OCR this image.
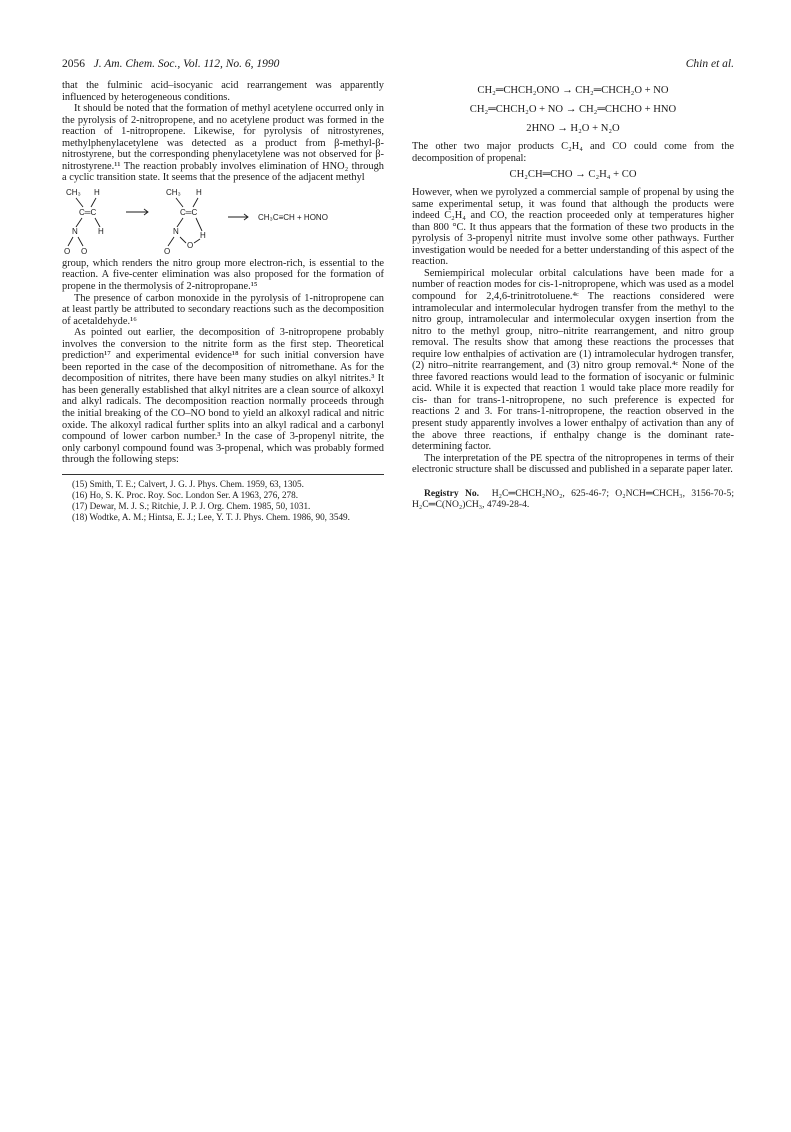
2056 J. Am. Chem. Soc., Vol. 112, No. 6, 1990	Chin et al.

that the fulminic acid–isocyanic acid rearrangement was apparently influenced by heterogeneous conditions.

It should be noted that the formation of methyl acetylene occurred only in the pyrolysis of 2-nitropropene, and no acetylene product was formed in the reaction of 1-nitropropene. Likewise, for pyrolysis of nitrostyrenes, methylphenylacetylene was detected as a product from β-methyl-β-nitrostyrene, but the corresponding phenylacetylene was not observed for β-nitrostyrene.¹¹ The reaction probably involves elimination of HNO₂ through a cyclic transition state. It seems that the presence of the adjacent methyl

CH₃ H
C═C
N	H
O O
CH₃ H
C═C
N	H
O
O
CH₃C≡CH + HONO

group, which renders the nitro group more electron-rich, is essential to the reaction. A five-center elimination was also proposed for the formation of propene in the thermolysis of 2-nitropropane.¹⁵

The presence of carbon monoxide in the pyrolysis of 1-nitropropene can at least partly be attributed to secondary reactions such as the decomposition of acetaldehyde.¹⁶

As pointed out earlier, the decomposition of 3-nitropropene probably involves the conversion to the nitrite form as the first step. Theoretical prediction¹⁷ and experimental evidence¹⁸ for such initial conversion have been reported in the case of the decomposition of nitromethane. As for the decomposition of nitrites, there have been many studies on alkyl nitrites.³ It has been generally established that alkyl nitrites are a clean source of alkoxyl and alkyl radicals. The decomposition reaction normally proceeds through the initial breaking of the CO–NO bond to yield an alkoxyl radical and nitric oxide. The alkoxyl radical further splits into an alkyl radical and a carbonyl compound of lower carbon number.³ In the case of 3-propenyl nitrite, the only carbonyl compound found was 3-propenal, which was probably formed through the following steps:

(15) Smith, T. E.; Calvert, J. G. J. Phys. Chem. 1959, 63, 1305.

(16) Ho, S. K. Proc. Roy. Soc. London Ser. A 1963, 276, 278.

(17) Dewar, M. J. S.; Ritchie, J. P. J. Org. Chem. 1985, 50, 1031.

(18) Wodtke, A. M.; Hintsa, E. J.; Lee, Y. T. J. Phys. Chem. 1986, 90, 3549.

CH₂═CHCH₂ONO → CH₂═CHCH₂O + NO

CH₂═CHCH₂O + NO → CH₂═CHCHO + HNO

2HNO → H₂O + N₂O

The other two major products C₂H₄ and CO could come from the decomposition of propenal:

CH₂CH═CHO → C₂H₄ + CO

However, when we pyrolyzed a commercial sample of propenal by using the same experimental setup, it was found that although the products were indeed C₂H₄ and CO, the reaction proceeded only at temperatures higher than 800 °C. It thus appears that the formation of these two products in the pyrolysis of 3-propenyl nitrite must involve some other pathways. Further investigation would be needed for a better understanding of this aspect of the reaction.

Semiempirical molecular orbital calculations have been made for a number of reaction modes for cis-1-nitropropene, which was used as a model compound for 2,4,6-trinitrotoluene.⁴ᶜ The reactions considered were intramolecular and intermolecular hydrogen transfer from the methyl to the nitro group, intramolecular and intermolecular oxygen insertion from the nitro to the methyl group, nitro–nitrite rearrangement, and nitro group removal. The results show that among these reactions the processes that require low enthalpies of activation are (1) intramolecular hydrogen transfer, (2) nitro–nitrite rearrangement, and (3) nitro group removal.⁴ᶜ None of the three favored reactions would lead to the formation of isocyanic or fulminic acid. While it is expected that reaction 1 would take place more readily for cis- than for trans-1-nitropropene, no such preference is expected for reactions 2 and 3. For trans-1-nitropropene, the reaction observed in the present study apparently involves a lower enthalpy of activation than any of the above three reactions, if enthalpy change is the dominant rate-determining factor.

The interpretation of the PE spectra of the nitropropenes in terms of their electronic structure shall be discussed and published in a separate paper later.

Registry No. H₂C═CHCH₂NO₂, 625-46-7; O₂NCH═CHCH₃, 3156-70-5; H₂C═C(NO₂)CH₃, 4749-28-4.
